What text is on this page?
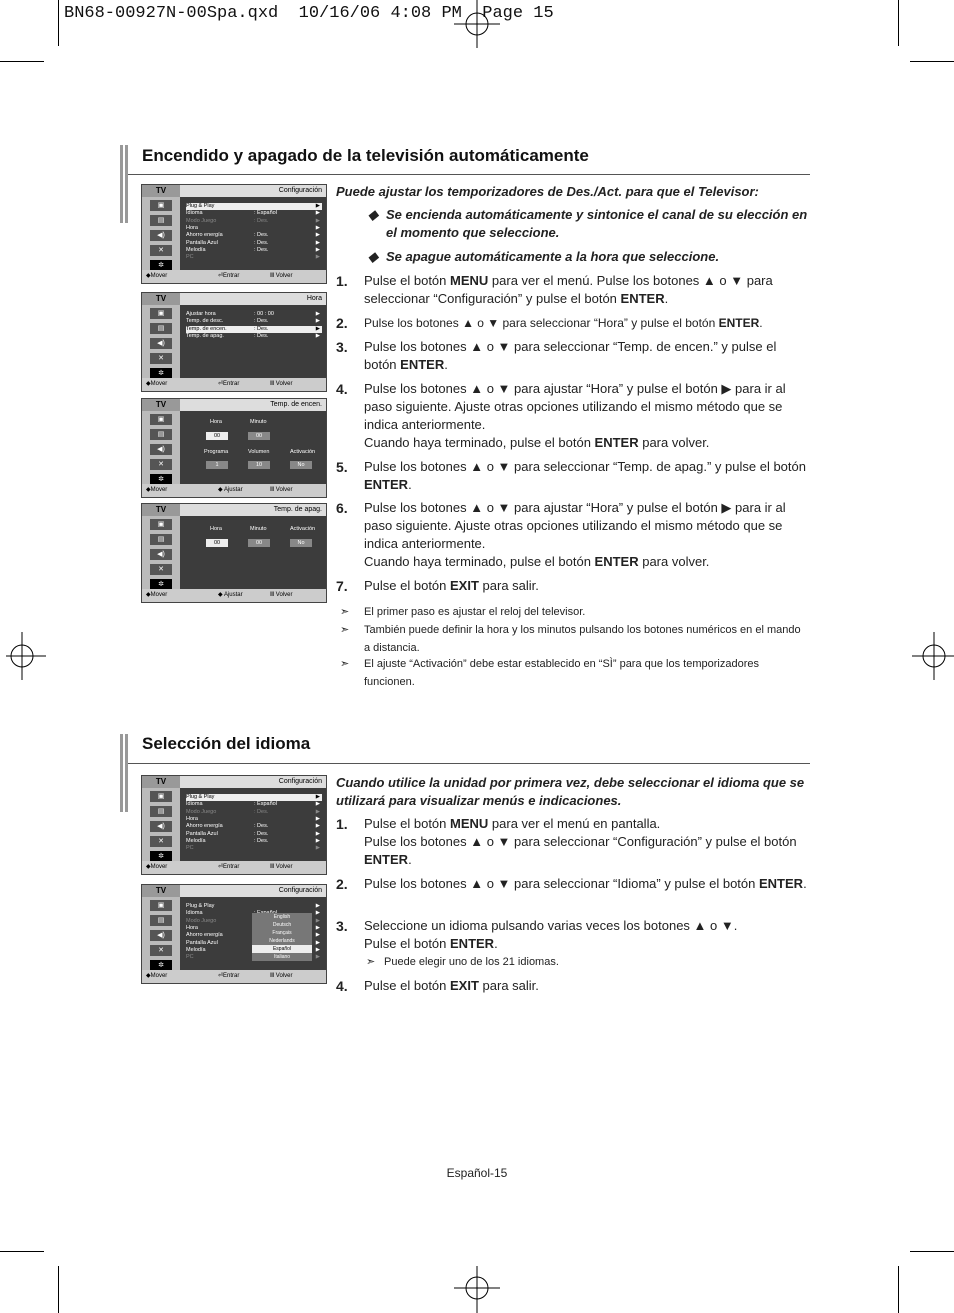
BN68-00927N-00Spa.qxd  10/16/06 4:08 PM  Page 15
Encendido y apagado de la televisión automáticamente
Puede ajustar los temporizadores de Des./Act. para que el Televisor:
◆ Se encienda automáticamente y sintonice el canal de su elección en el momento que seleccione.
◆ Se apague automáticamente a la hora que seleccione.
TV	Configuración
▣
▤
◀)
✕
✲
Plug & Play	▶
Idioma	: Español	▶
Modo Juego	: Des.	▶
Hora	▶
Ahorro energía	: Des.	▶
Pantalla Azul	: Des.	▶
Melodía	: Des.	▶
PC	▶
◆Mover	⏎Entrar	Ⅲ Volver
TV	Hora
▣
▤
◀)
✕
✲
Ajustar hora	: 00 : 00	▶
Temp. de desc.	: Des.	▶
Temp. de encen.	: Des.	▶
Temp. de apag.	: Des.	▶
◆Mover	⏎Entrar	Ⅲ Volver
TV	Temp. de encen.
▣
▤
◀)
✕
✲
Hora	Minuto
00	00
Programa	Volumen	Activación
1	10	No
◆Mover	◆ Ajustar	Ⅲ Volver
TV	Temp. de apag.
▣
▤
◀)
✕
✲
Hora	Minuto	Activación
00	00	No
◆Mover	◆ Ajustar	Ⅲ Volver
Selección del idioma
Cuando utilice la unidad por primera vez, debe seleccionar el idioma que se utilizará para visualizar menús e indicaciones.
➣ Puede elegir uno de los 21 idiomas.
TV	Configuración
▣
▤
◀)
✕
✲
Plug & Play	▶
Idioma	: Español	▶
Modo Juego	: Des.	▶
Hora	▶
Ahorro energía	: Des.	▶
Pantalla Azul	: Des.	▶
Melodía	: Des.	▶
PC	▶
◆Mover	⏎Entrar	Ⅲ Volver
TV	Configuración
▣
▤
◀)
✕
✲
Plug & Play	▶
Idioma	▶
Modo Juego	▶
Hora	▶
Ahorro energía	▶
Pantalla Azul	▶
Melodía	▶
PC	▶
English
Deutsch
Français
Nederlands
Español
Italiano
◆Mover	⏎Entrar	Ⅲ Volver
Español-15
1. Pulse el botón MENU para ver el menú. Pulse los botones ▲ o ▼ para seleccionar “Configuración” y pulse el botón ENTER.
2. Pulse los botones ▲ o ▼ para seleccionar “Hora” y pulse el botón ENTER.
3. Pulse los botones ▲ o ▼ para seleccionar “Temp. de encen.” y pulse el botón ENTER.
4. Pulse los botones ▲ o ▼ para ajustar “Hora” y pulse el botón ▶ para ir al paso siguiente. Ajuste otras opciones utilizando el mismo método que se indica anteriormente.
Cuando haya terminado, pulse el botón ENTER para volver.
5. Pulse los botones ▲ o ▼ para seleccionar “Temp. de apag.” y pulse el botón ENTER.
6. Pulse los botones ▲ o ▼ para ajustar “Hora” y pulse el botón ▶ para ir al paso siguiente. Ajuste otras opciones utilizando el mismo método que se indica anteriormente.
Cuando haya terminado, pulse el botón ENTER para volver.
7. Pulse el botón EXIT para salir.
1. Pulse el botón MENU para ver el menú en pantalla.
Pulse los botones ▲ o ▼ para seleccionar “Configuración” y pulse el botón ENTER.
2. Pulse los botones ▲ o ▼ para seleccionar “Idioma” y pulse el botón ENTER.
3. Seleccione un idioma pulsando varias veces los botones ▲ o ▼.
Pulse el botón ENTER.
4. Pulse el botón EXIT para salir.
➣ El primer paso es ajustar el reloj del televisor.
➣ También puede definir la hora y los minutos pulsando los botones numéricos en el mando a distancia.
➣ El ajuste “Activación” debe estar establecido en “SÌ” para que los temporizadores funcionen.
